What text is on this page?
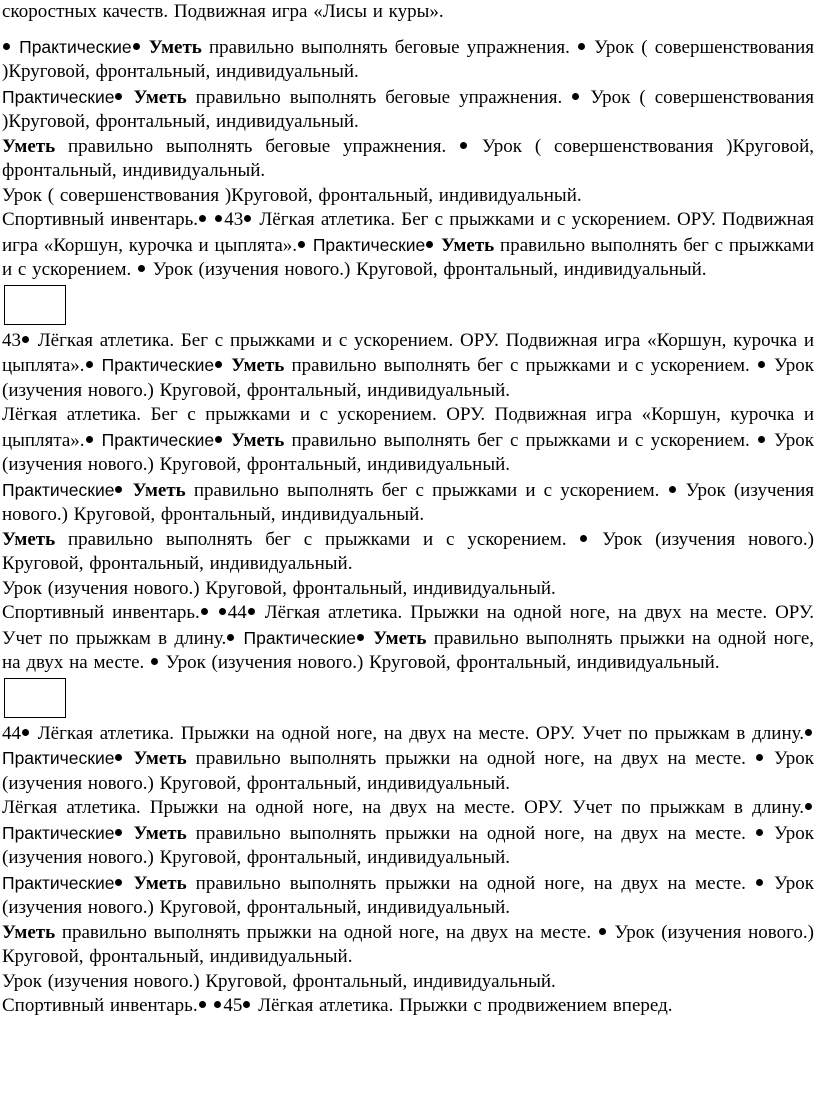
скоростных качеств. Подвижная игра «Лисы и куры».

Практические Уметь правильно выполнять беговые упражнения.  Урок ( совершенствования )Круговой, фронтальный, индивидуальный.

Практические Уметь правильно выполнять беговые упражнения.  Урок ( совершенствования )Круговой, фронтальный, индивидуальный.

Уметь правильно выполнять беговые упражнения.  Урок ( совершенствования )Круговой, фронтальный, индивидуальный.

Урок ( совершенствования )Круговой, фронтальный, индивидуальный.

Спортивный инвентарь. 43 Лёгкая атлетика. Бег с прыжками и с ускорением. ОРУ. Подвижная игра «Коршун, курочка и цыплята». Практические Уметь правильно выполнять бег с прыжками и с ускорением.  Урок (изучения нового.) Круговой, фронтальный, индивидуальный.

43 Лёгкая атлетика. Бег с прыжками и с ускорением. ОРУ. Подвижная игра «Коршун, курочка и цыплята». Практические Уметь правильно выполнять бег с прыжками и с ускорением.  Урок (изучения нового.) Круговой, фронтальный, индивидуальный.

Лёгкая атлетика. Бег с прыжками и с ускорением. ОРУ. Подвижная игра «Коршун, курочка и цыплята». Практические Уметь правильно выполнять бег с прыжками и с ускорением.  Урок (изучения нового.) Круговой, фронтальный, индивидуальный.

Практические Уметь правильно выполнять бег с прыжками и с ускорением.  Урок (изучения нового.) Круговой, фронтальный, индивидуальный.

Уметь правильно выполнять бег с прыжками и с ускорением.  Урок (изучения нового.) Круговой, фронтальный, индивидуальный.

Урок (изучения нового.) Круговой, фронтальный, индивидуальный.

Спортивный инвентарь. 44 Лёгкая атлетика. Прыжки на одной ноге, на двух на месте. ОРУ. Учет по прыжкам в длину. Практические Уметь правильно выполнять прыжки на одной ноге, на двух на месте.  Урок (изучения нового.) Круговой, фронтальный, индивидуальный.

44 Лёгкая атлетика. Прыжки на одной ноге, на двух на месте. ОРУ. Учет по прыжкам в длину. Практические Уметь правильно выполнять прыжки на одной ноге, на двух на месте.  Урок (изучения нового.) Круговой, фронтальный, индивидуальный.

Лёгкая атлетика. Прыжки на одной ноге, на двух на месте. ОРУ. Учет по прыжкам в длину. Практические Уметь правильно выполнять прыжки на одной ноге, на двух на месте.  Урок (изучения нового.) Круговой, фронтальный, индивидуальный.

Практические Уметь правильно выполнять прыжки на одной ноге, на двух на месте.  Урок (изучения нового.) Круговой, фронтальный, индивидуальный.

Уметь правильно выполнять прыжки на одной ноге, на двух на месте.  Урок (изучения нового.) Круговой, фронтальный, индивидуальный.

Урок (изучения нового.) Круговой, фронтальный, индивидуальный.

Спортивный инвентарь. 45 Лёгкая атлетика. Прыжки с продвижением вперед.
